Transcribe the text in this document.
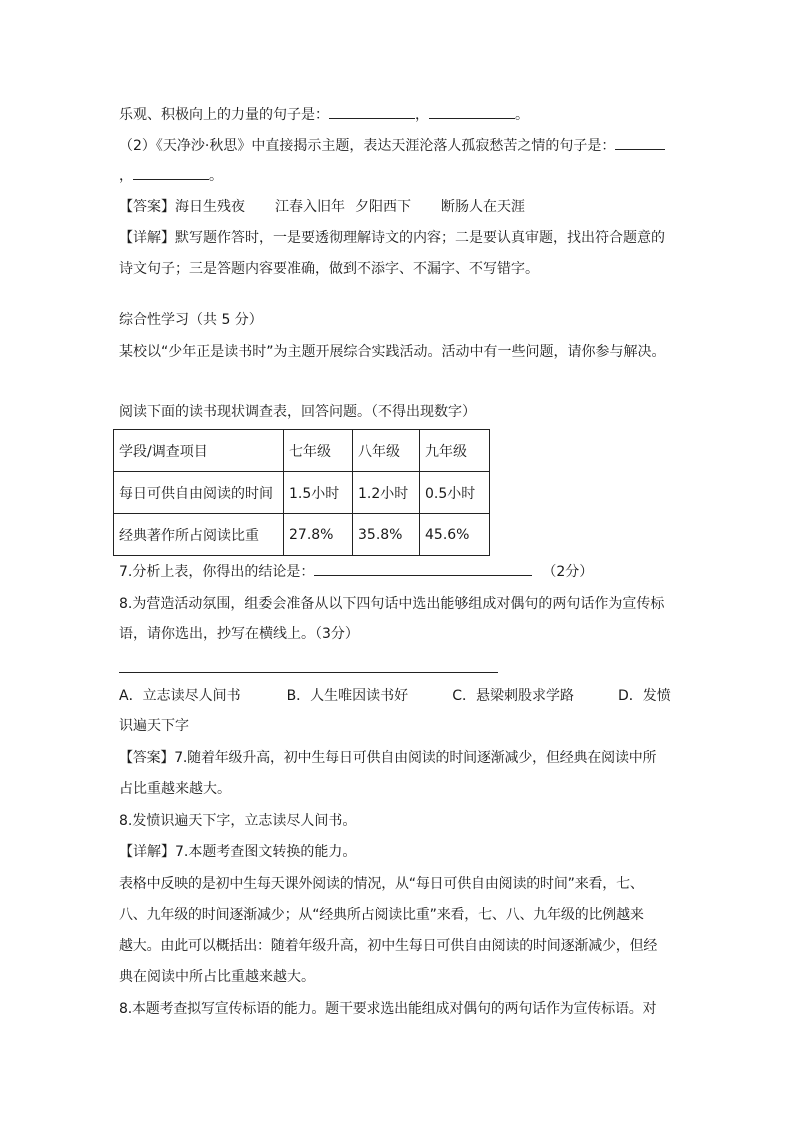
乐观、积极向上的力量的句子是：	，	。
（2）《天净沙·秋思》中直接揭示主题，表达天涯沦落人孤寂愁苦之情的句子是：
，	。
【答案】海日生残夜 江春入旧年 夕阳西下 断肠人在天涯
【详解】默写题作答时，一是要透彻理解诗文的内容；二是要认真审题，找出符合题意的
诗文句子；三是答题内容要准确，做到不添字、不漏字、不写错字。
综合性学习（共 5 分）
某校以“少年正是读书时”为主题开展综合实践活动。活动中有一些问题，请你参与解决。
阅读下面的读书现状调查表，回答问题。（不得出现数字）
学段/调查项目	七年级	八年级	九年级
每日可供自由阅读的时间	1.5小时	1.2小时	0.5小时
经典著作所占阅读比重	27.8%	35.8%	45.6%
7.分析上表，你得出的结论是：	（2分）
8.为营造活动氛围，组委会准备从以下四句话中选出能够组成对偶句的两句话作为宣传标
语，请你选出，抄写在横线上。（3分）
A．立志读尽人间书	B．人生唯因读书好	C．悬梁刺股求学路	D．发愤
识遍天下字
【答案】7.随着年级升高，初中生每日可供自由阅读的时间逐渐减少，但经典在阅读中所
占比重越来越大。
8.发愤识遍天下字，立志读尽人间书。
【详解】7.本题考查图文转换的能力。
表格中反映的是初中生每天课外阅读的情况，从“每日可供自由阅读的时间”来看，七、
八、九年级的时间逐渐减少；从“经典所占阅读比重”来看，七、八、九年级的比例越来
越大。由此可以概括出：随着年级升高，初中生每日可供自由阅读的时间逐渐减少，但经
典在阅读中所占比重越来越大。
8.本题考查拟写宣传标语的能力。题干要求选出能组成对偶句的两句话作为宣传标语。对
